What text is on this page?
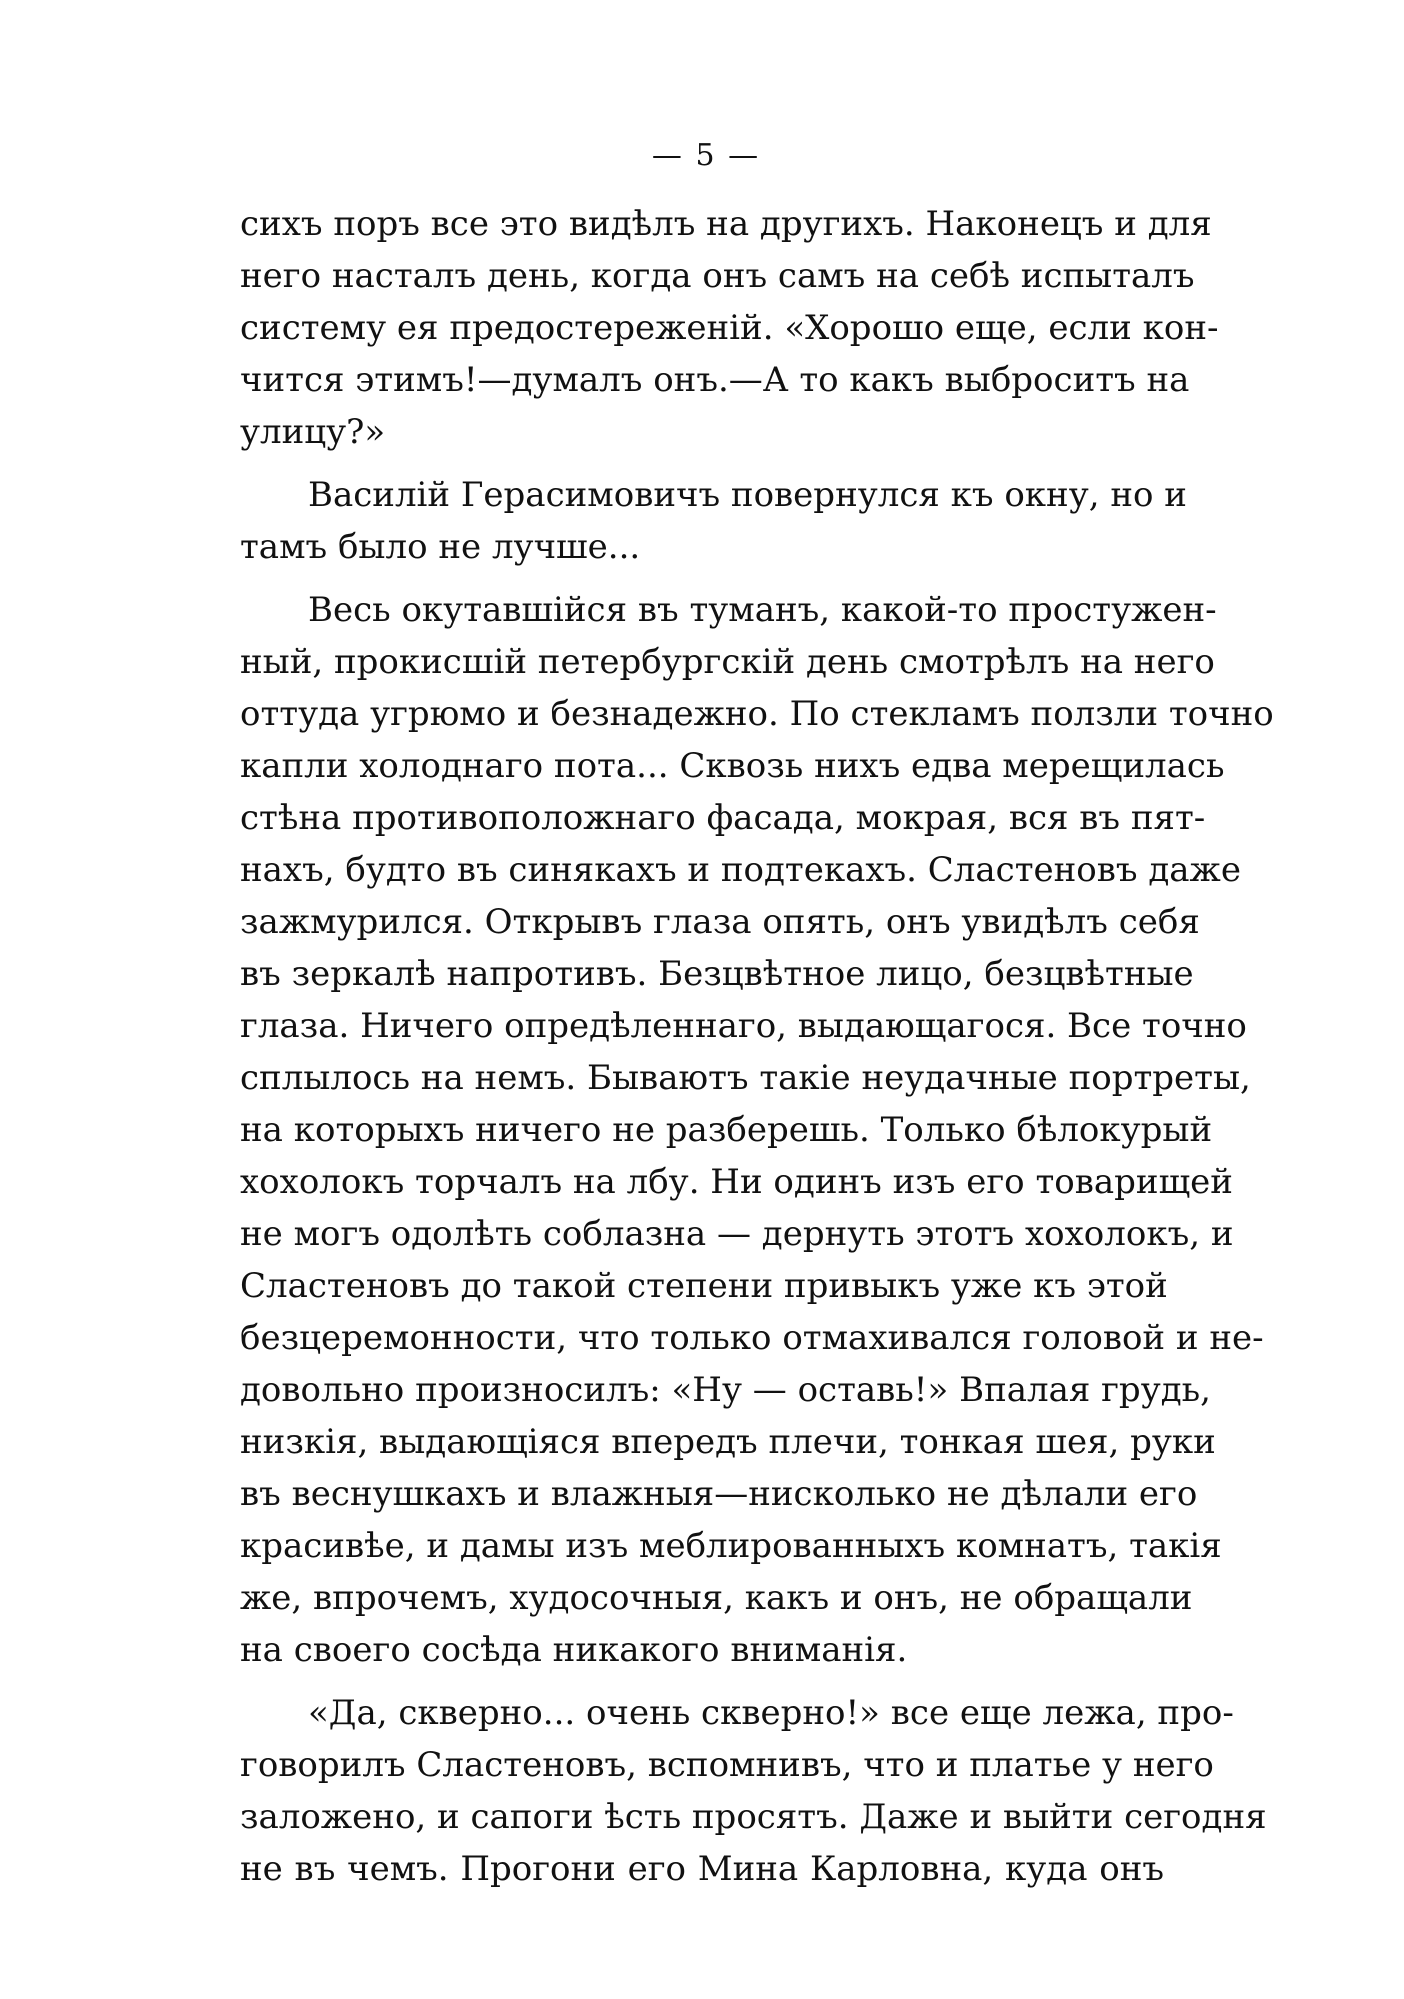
— 5 —
сихъ поръ все это видѣлъ на другихъ. Наконецъ и для
него насталъ день, когда онъ самъ на себѣ испыталъ
систему ея предостереженій. «Хорошо еще, если кон-
чится этимъ!—думалъ онъ.—А то какъ выброситъ на
улицу?»
Василій Герасимовичъ повернулся къ окну, но и
тамъ было не лучше...
Весь окутавшійся въ туманъ, какой-то простужен-
ный, прокисшій петербургскій день смотрѣлъ на него
оттуда угрюмо и безнадежно. По стекламъ ползли точно
капли холоднаго пота... Сквозь нихъ едва мерещилась
стѣна противоположнаго фасада, мокрая, вся въ пят-
нахъ, будто въ синякахъ и подтекахъ. Сластеновъ даже
зажмурился. Открывъ глаза опять, онъ увидѣлъ себя
въ зеркалѣ напротивъ. Безцвѣтное лицо, безцвѣтные
глаза. Ничего опредѣленнаго, выдающагося. Все точно
сплылось на немъ. Бываютъ такіе неудачные портреты,
на которыхъ ничего не разберешь. Только бѣлокурый
хохолокъ торчалъ на лбу. Ни одинъ изъ его товарищей
не могъ одолѣть соблазна — дернуть этотъ хохолокъ, и
Сластеновъ до такой степени привыкъ уже къ этой
безцеремонности, что только отмахивался головой и не-
довольно произносилъ: «Ну — оставь!» Впалая грудь,
низкія, выдающіяся впередъ плечи, тонкая шея, руки
въ веснушкахъ и влажныя—нисколько не дѣлали его
красивѣе, и дамы изъ меблированныхъ комнатъ, такія
же, впрочемъ, худосочныя, какъ и онъ, не обращали
на своего сосѣда никакого вниманія.
«Да, скверно... очень скверно!» все еще лежа, про-
говорилъ Сластеновъ, вспомнивъ, что и платье у него
заложено, и сапоги ѣсть просятъ. Даже и выйти сегодня
не въ чемъ. Прогони его Мина Карловна, куда онъ
